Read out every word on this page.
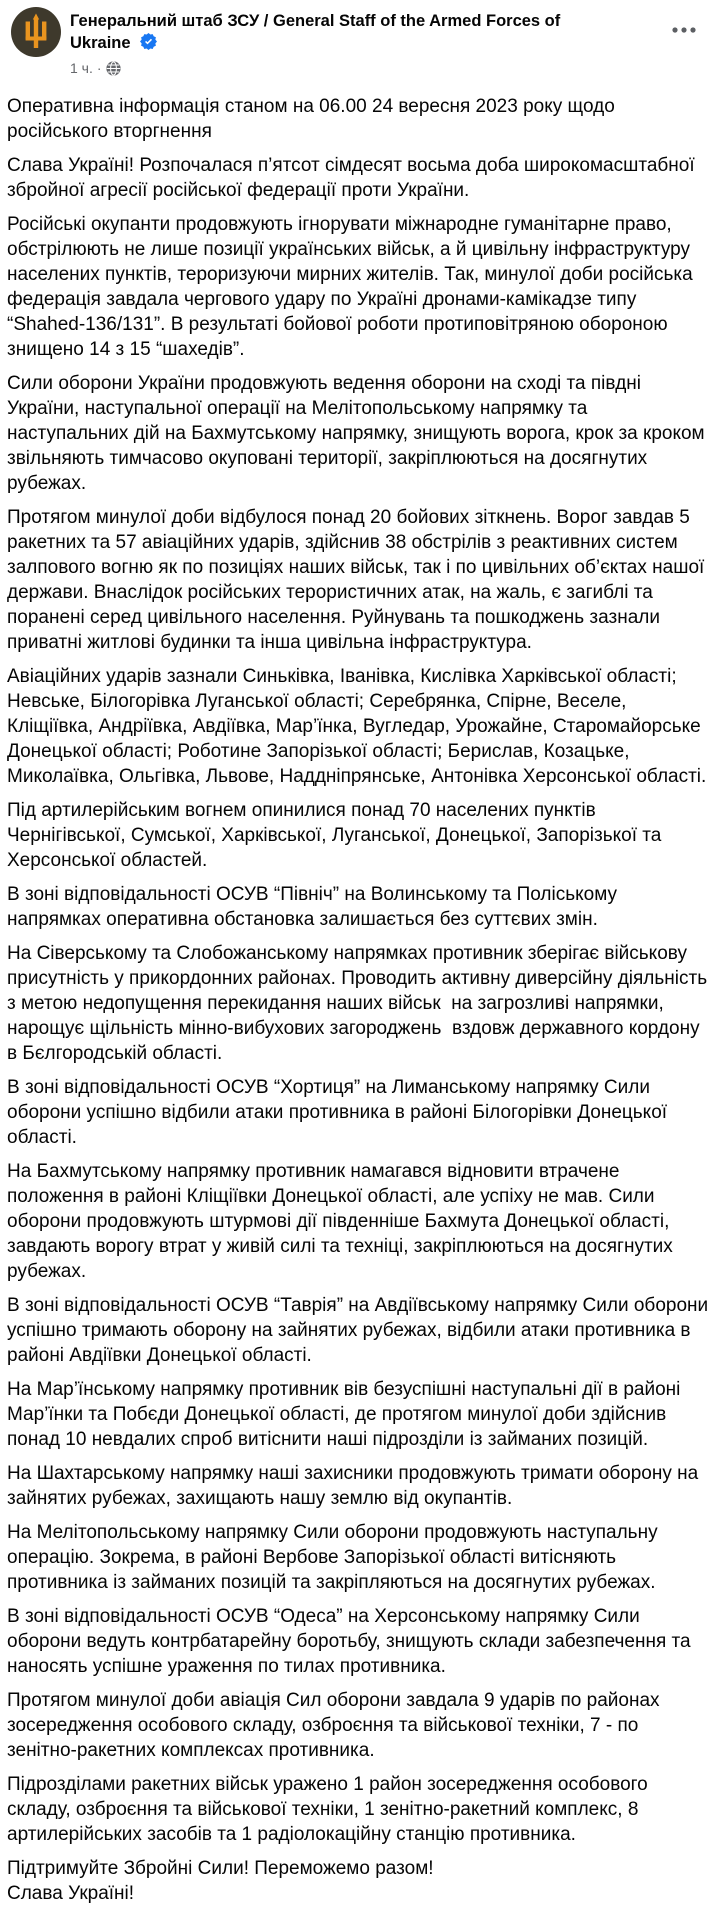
Генеральний штаб ЗСУ / General Staff of the Armed Forces of Ukraine
1 ч. ·

Оперативна інформація станом на 06.00 24 вересня 2023 року щодо російського вторгнення

Слава Україні! Розпочалася п’ятсот сімдесят восьма доба широкомасштабної збройної агресії російської федерації проти України.

Російські окупанти продовжують ігнорувати міжнародне гуманітарне право, обстрілюють не лише позиції українських військ, а й цивільну інфраструктуру населених пунктів, тероризуючи мирних жителів. Так, минулої доби російська федерація завдала чергового удару по Україні дронами-камікадзе типу “Shahed-136/131”. В результаті бойової роботи протиповітряною обороною знищено 14 з 15 “шахедів”.

Сили оборони України продовжують ведення оборони на сході та півдні України, наступальної операції на Мелітопольському напрямку та наступальних дій на Бахмутському напрямку, знищують ворога, крок за кроком звільняють тимчасово окуповані території, закріплюються на досягнутих рубежах.

Протягом минулої доби відбулося понад 20 бойових зіткнень. Ворог завдав 5 ракетних та 57 авіаційних ударів, здійснив 38 обстрілів з реактивних систем залпового вогню як по позиціях наших військ, так і по цивільних об’єктах нашої держави. Внаслідок російських терористичних атак, на жаль, є загиблі та поранені серед цивільного населення. Руйнувань та пошкоджень зазнали приватні житлові будинки та інша цивільна інфраструктура.

Авіаційних ударів зазнали Синьківка, Іванівка, Кислівка Харківської області; Невське, Білогорівка Луганської області; Серебрянка, Спірне, Веселе, Кліщіївка, Андріївка, Авдіївка, Мар’їнка, Вугледар, Урожайне, Старомайорське Донецької області; Роботине Запорізької області; Берислав, Козацьке, Миколаївка, Ольгівка, Львове, Наддніпрянське, Антонівка Херсонської області.

Під артилерійським вогнем опинилися понад 70 населених пунктів Чернігівської, Сумської, Харківської, Луганської, Донецької, Запорізької та Херсонської областей.

В зоні відповідальності ОСУВ “Північ” на Волинському та Поліському напрямках оперативна обстановка залишається без суттєвих змін.

На Сіверському та Слобожанському напрямках противник зберігає військову присутність у прикордонних районах. Проводить активну диверсійну діяльність з метою недопущення перекидання наших військ  на загрозливі напрямки, нарощує щільність мінно-вибухових загороджень  вздовж державного кордону в Бєлгородській області.

В зоні відповідальності ОСУВ “Хортиця” на Лиманському напрямку Сили оборони успішно відбили атаки противника в районі Білогорівки Донецької області.

На Бахмутському напрямку противник намагався відновити втрачене положення в районі Кліщіївки Донецької області, але успіху не мав. Сили оборони продовжують штурмові дії південніше Бахмута Донецької області, завдають ворогу втрат у живій силі та техніці, закріплюються на досягнутих рубежах.

В зоні відповідальності ОСУВ “Таврія” на Авдіївському напрямку Сили оборони успішно тримають оборону на зайнятих рубежах, відбили атаки противника в районі Авдіївки Донецької області.

На Мар’їнському напрямку противник вів безуспішні наступальні дії в районі Мар’їнки та Побєди Донецької області, де протягом минулої доби здійснив понад 10 невдалих спроб витіснити наші підрозділи із займаних позицій.

На Шахтарському напрямку наші захисники продовжують тримати оборону на зайнятих рубежах, захищають нашу землю від окупантів.

На Мелітопольському напрямку Сили оборони продовжують наступальну операцію. Зокрема, в районі Вербове Запорізької області витісняють противника із займаних позицій та закріпляються на досягнутих рубежах.

В зоні відповідальності ОСУВ “Одеса” на Херсонському напрямку Сили оборони ведуть контрбатарейну боротьбу, знищують склади забезпечення та наносять успішне ураження по тилах противника.

Протягом минулої доби авіація Сил оборони завдала 9 ударів по районах зосередження особового складу, озброєння та військової техніки, 7 - по зенітно-ракетних комплексах противника.

Підрозділами ракетних військ уражено 1 район зосередження особового складу, озброєння та військової техніки, 1 зенітно-ракетний комплекс, 8 артилерійських засобів та 1 радіолокаційну станцію противника.

Підтримуйте Збройні Сили! Переможемо разом!
Слава Україні!
